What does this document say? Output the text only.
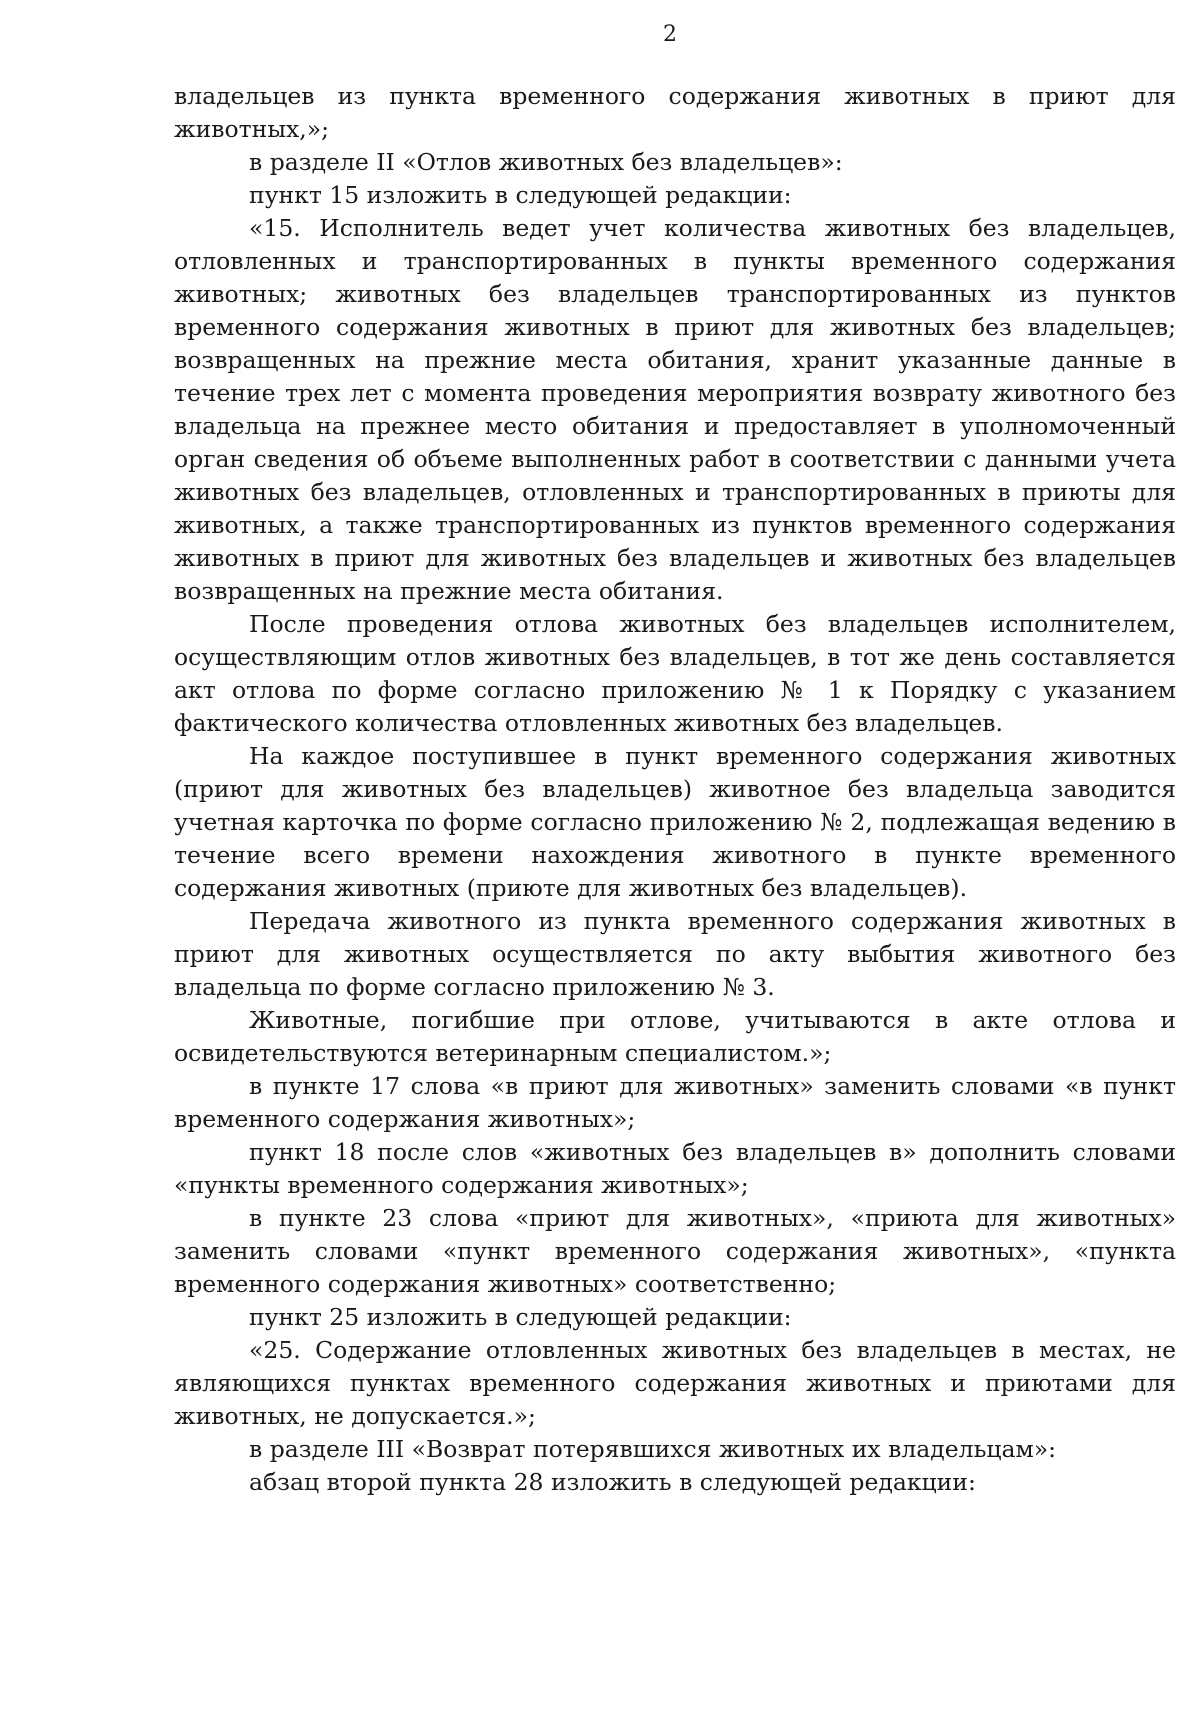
2

владельцев из пункта временного содержания животных в приют для животных,»;

в разделе II «Отлов животных без владельцев»:

пункт 15 изложить в следующей редакции:

«15. Исполнитель ведет учет количества животных без владельцев, отловленных и транспортированных в пункты временного содержания животных; животных без владельцев транспортированных из пунктов временного содержания животных в приют для животных без владельцев; возвращенных на прежние места обитания, хранит указанные данные в течение трех лет с момента проведения мероприятия возврату животного без владельца на прежнее место обитания и предоставляет в уполномоченный орган сведения об объеме выполненных работ в соответствии с данными учета животных без владельцев, отловленных и транспортированных в приюты для животных, а также транспортированных из пунктов временного содержания животных в приют для животных без владельцев и животных без владельцев возвращенных на прежние места обитания.

После проведения отлова животных без владельцев исполнителем, осуществляющим отлов животных без владельцев, в тот же день составляется акт отлова по форме согласно приложению № 1 к Порядку с указанием фактического количества отловленных животных без владельцев.

На каждое поступившее в пункт временного содержания животных (приют для животных без владельцев) животное без владельца заводится учетная карточка по форме согласно приложению № 2, подлежащая ведению в течение всего времени нахождения животного в пункте временного содержания животных (приюте для животных без владельцев).

Передача животного из пункта временного содержания животных в приют для животных осуществляется по акту выбытия животного без владельца по форме согласно приложению № 3.

Животные, погибшие при отлове, учитываются в акте отлова и освидетельствуются ветеринарным специалистом.»;

в пункте 17 слова «в приют для животных» заменить словами «в пункт временного содержания животных»;

пункт 18 после слов «животных без владельцев в» дополнить словами «пункты временного содержания животных»;

в пункте 23 слова «приют для животных», «приюта для животных» заменить словами «пункт временного содержания животных», «пункта временного содержания животных» соответственно;

пункт 25 изложить в следующей редакции:

«25. Содержание отловленных животных без владельцев в местах, не являющихся пунктах временного содержания животных и приютами для животных, не допускается.»;

в разделе III «Возврат потерявшихся животных их владельцам»:

абзац второй пункта 28 изложить в следующей редакции:
